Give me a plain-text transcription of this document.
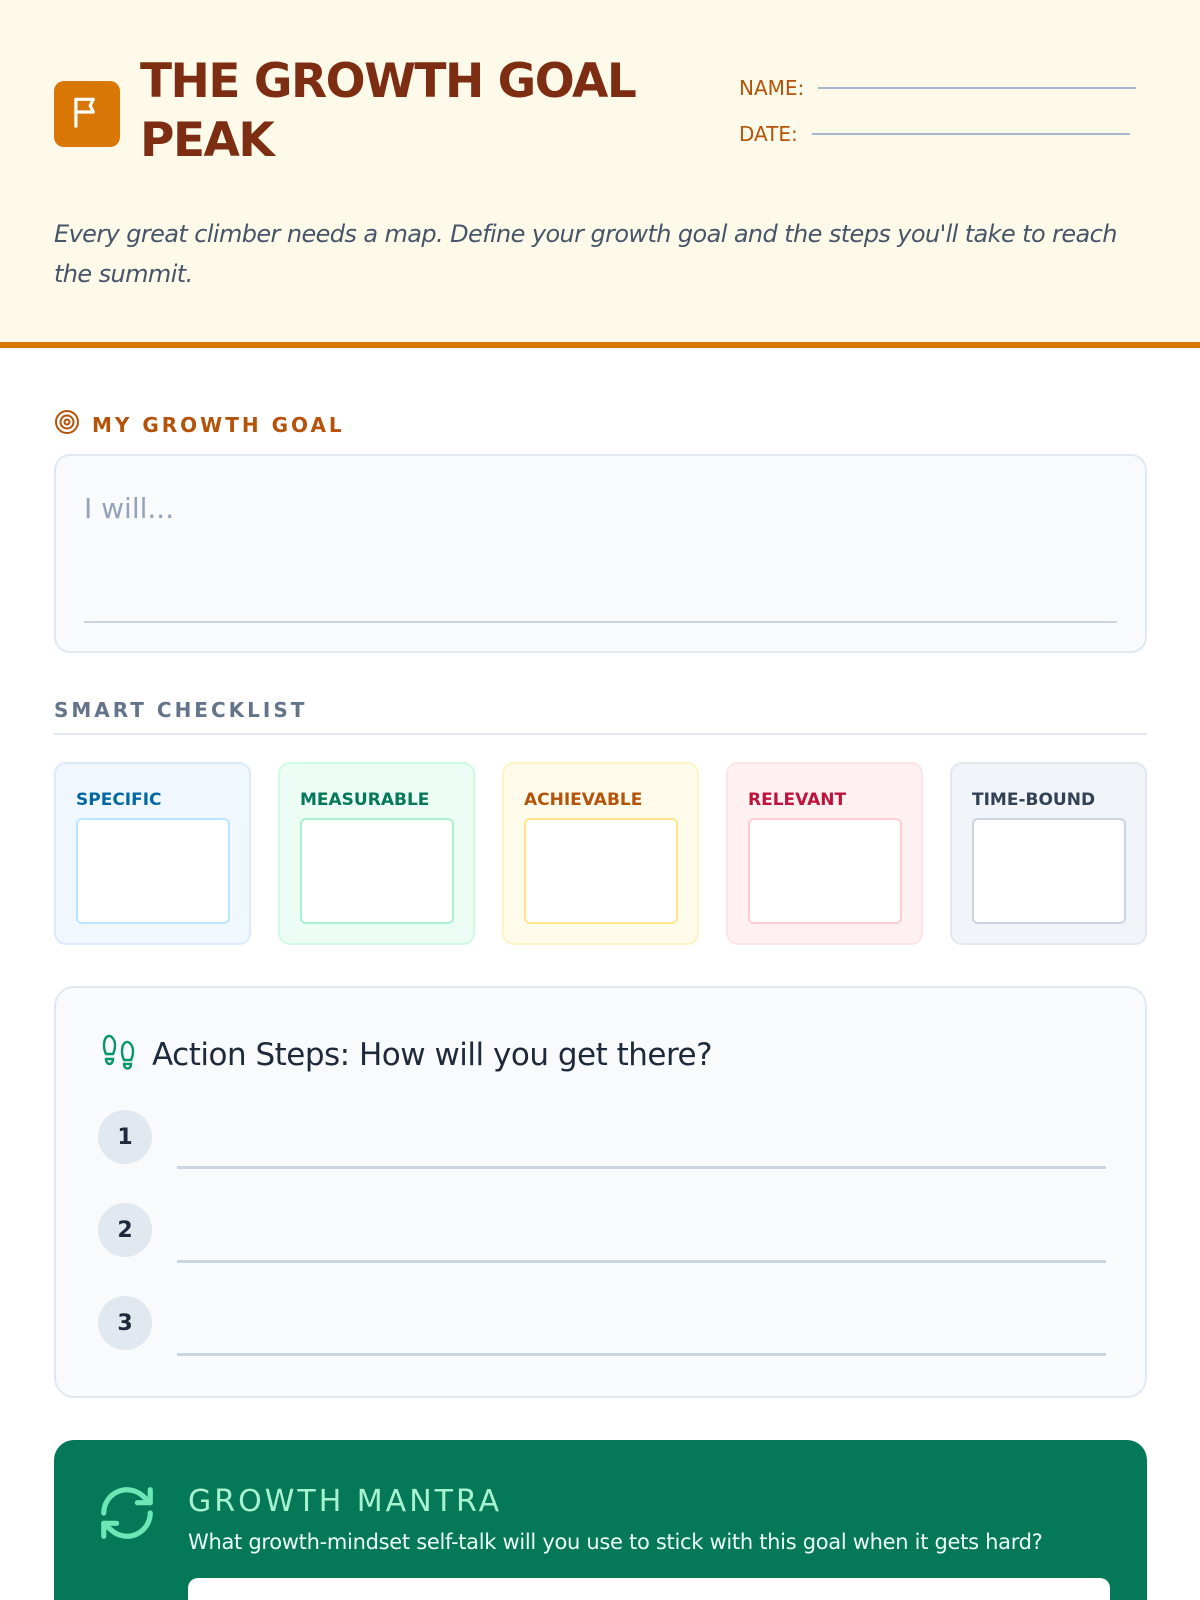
THE GROWTH GOAL PEAK
NAME:
DATE:
Every great climber needs a map. Define your growth goal and the steps you'll take to reach the summit.
MY GROWTH GOAL
I will...
SMART CHECKLIST
SPECIFIC	MEASURABLE	ACHIEVABLE	RELEVANT	TIME-BOUND
Action Steps: How will you get there?
1
2
3
GROWTH MANTRA
What growth-mindset self-talk will you use to stick with this goal when it gets hard?
